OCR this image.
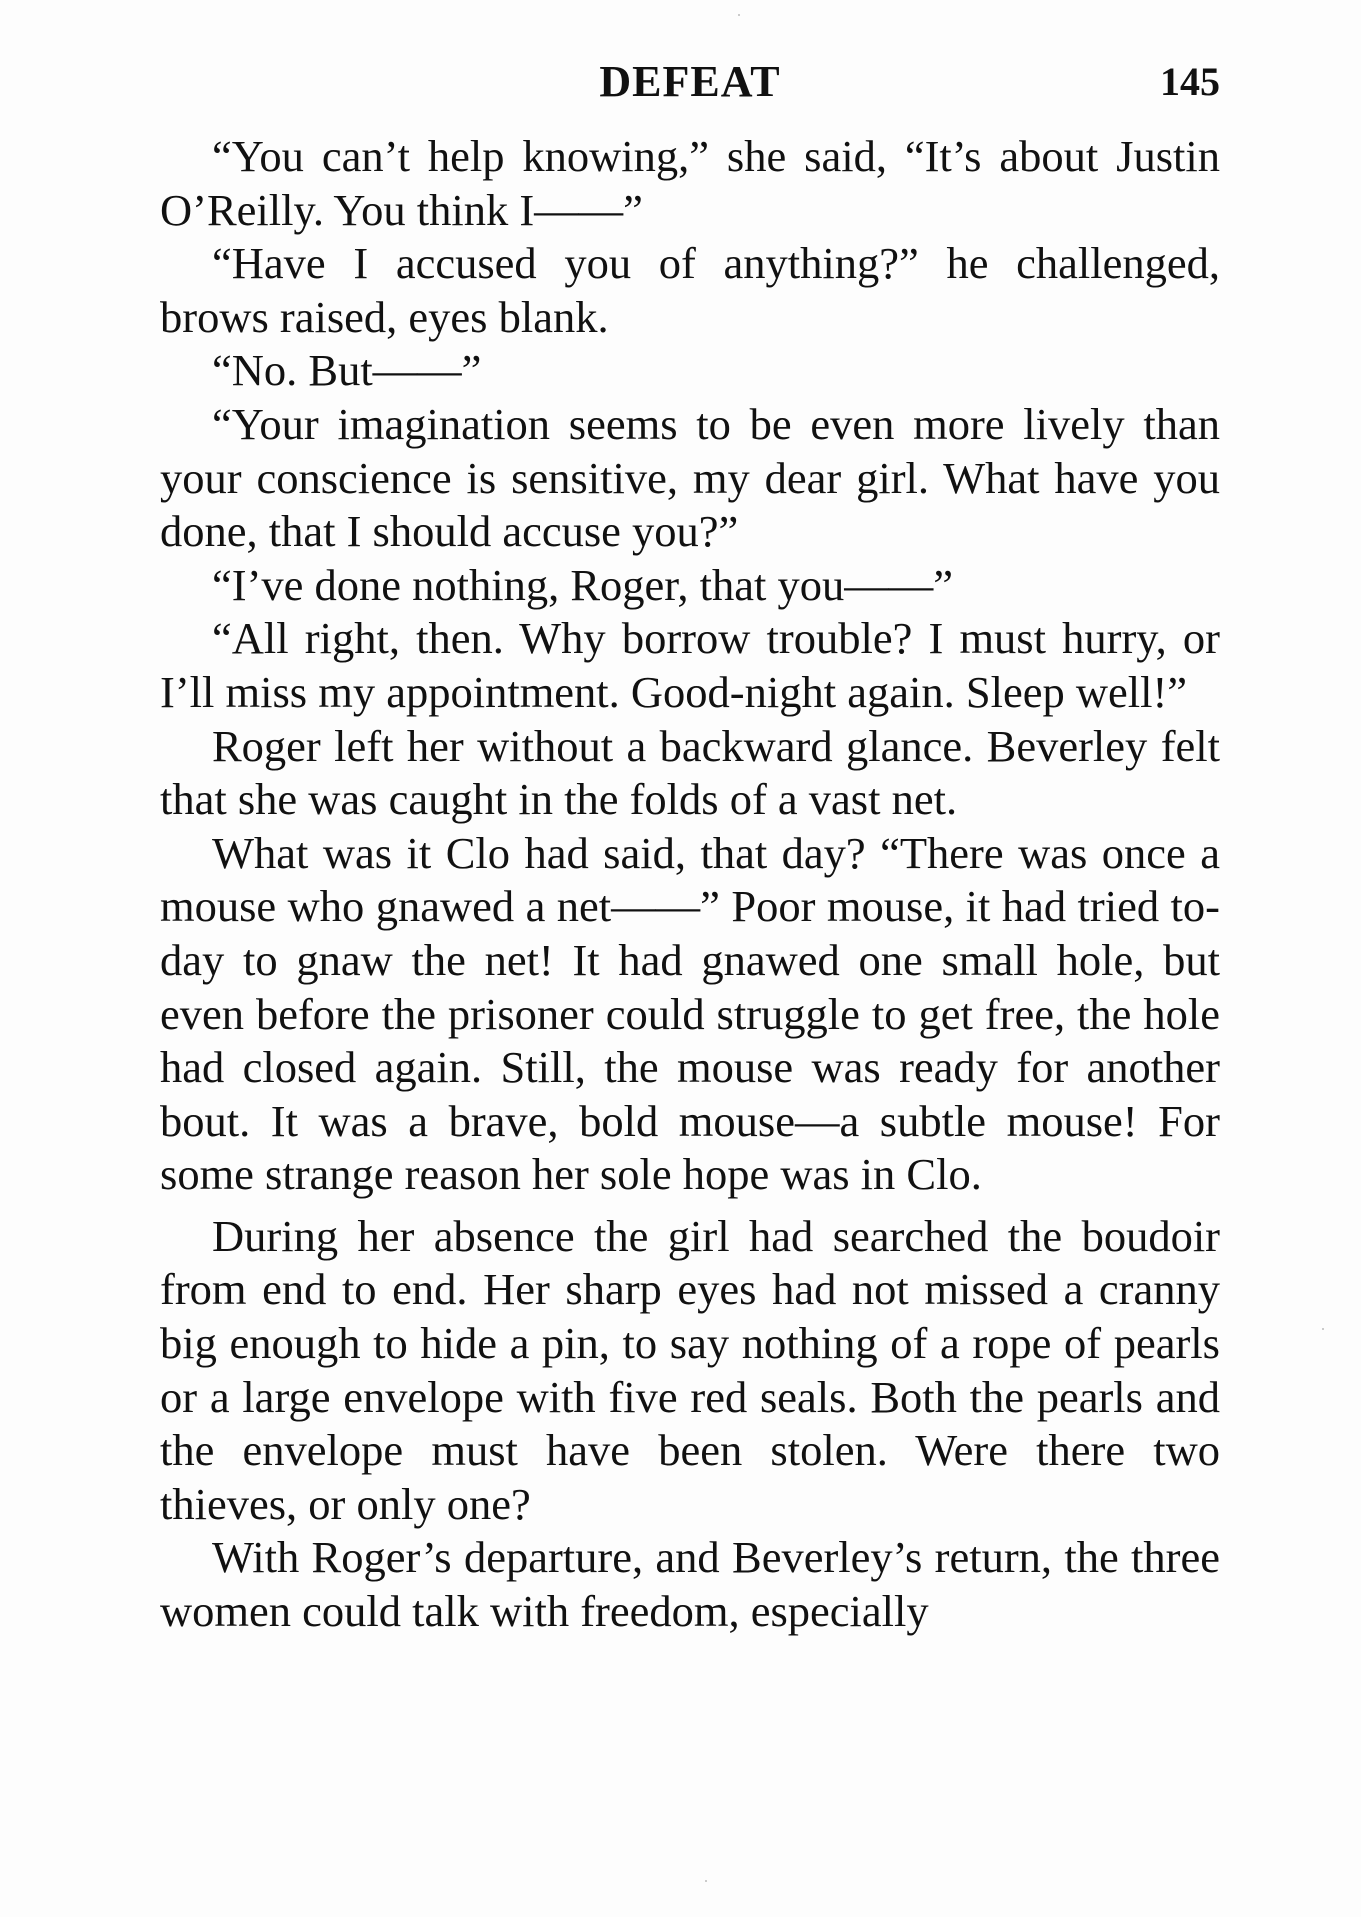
DEFEAT	145

“You can’t help knowing,” she said, “It’s about Justin O’Reilly. You think I——”

“Have I accused you of anything?” he challenged, brows raised, eyes blank.

“No. But——”

“Your imagination seems to be even more lively than your conscience is sensitive, my dear girl. What have you done, that I should accuse you?”

“I’ve done nothing, Roger, that you——”

“All right, then. Why borrow trouble? I must hurry, or I’ll miss my appointment. Good-night again. Sleep well!”

Roger left her without a backward glance. Beverley felt that she was caught in the folds of a vast net.

What was it Clo had said, that day? “There was once a mouse who gnawed a net——” Poor mouse, it had tried to-day to gnaw the net! It had gnawed one small hole, but even before the prisoner could struggle to get free, the hole had closed again. Still, the mouse was ready for another bout. It was a brave, bold mouse—a subtle mouse! For some strange reason her sole hope was in Clo.

During her absence the girl had searched the boudoir from end to end. Her sharp eyes had not missed a cranny big enough to hide a pin, to say nothing of a rope of pearls or a large envelope with five red seals. Both the pearls and the envelope must have been stolen. Were there two thieves, or only one?

With Roger’s departure, and Beverley’s return, the three women could talk with freedom, especially
